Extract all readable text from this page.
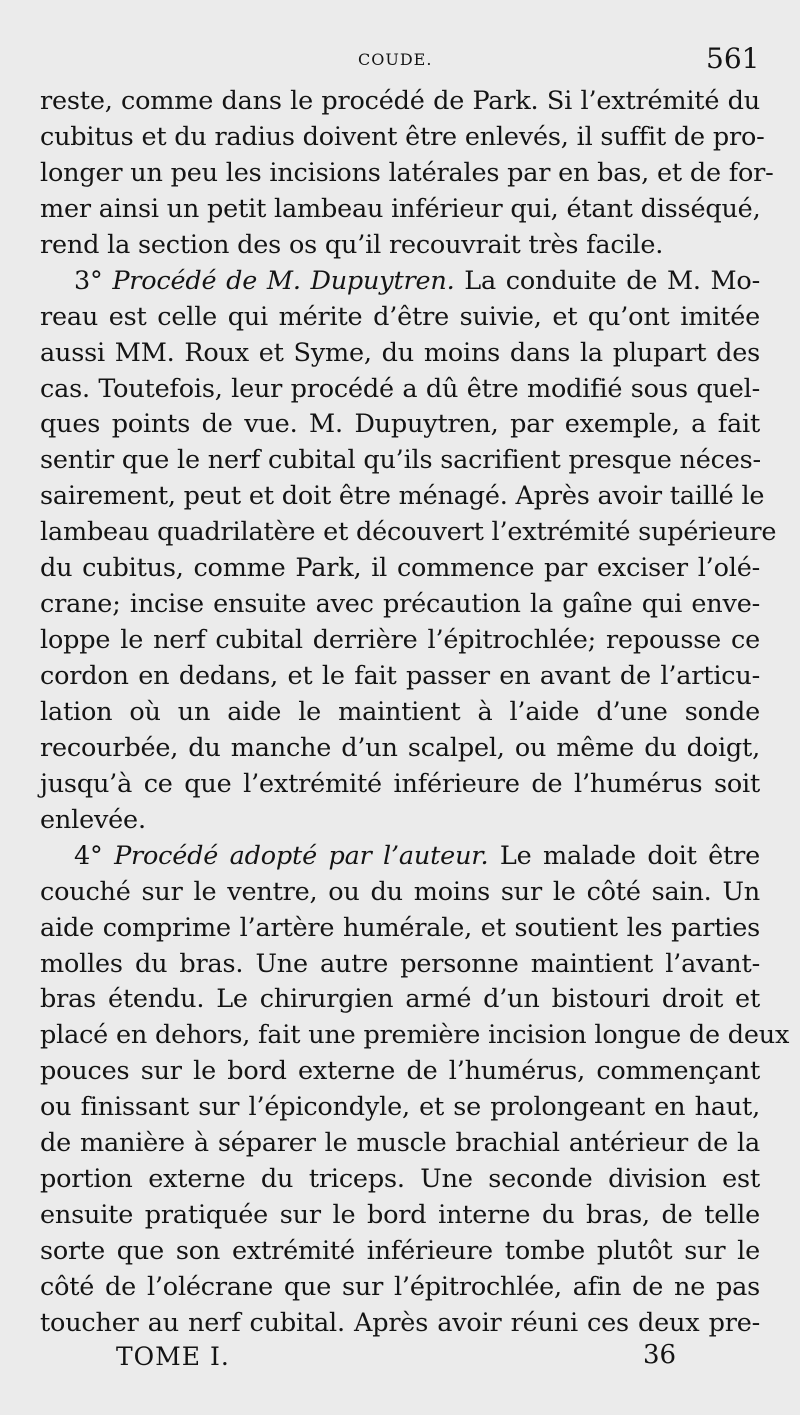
COUDE.	561
reste, comme dans le procédé de Park. Si l’extrémité du
cubitus et du radius doivent être enlevés, il suffit de pro-
longer un peu les incisions latérales par en bas, et de for-
mer ainsi un petit lambeau inférieur qui, étant disséqué,
rend la section des os qu’il recouvrait très facile.
3° Procédé de M. Dupuytren. La conduite de M. Mo-
reau est celle qui mérite d’être suivie, et qu’ont imitée
aussi MM. Roux et Syme, du moins dans la plupart des
cas. Toutefois, leur procédé a dû être modifié sous quel-
ques points de vue. M. Dupuytren, par exemple, a fait
sentir que le nerf cubital qu’ils sacrifient presque néces-
sairement, peut et doit être ménagé. Après avoir taillé le
lambeau quadrilatère et découvert l’extrémité supérieure
du cubitus, comme Park, il commence par exciser l’olé-
crane; incise ensuite avec précaution la gaîne qui enve-
loppe le nerf cubital derrière l’épitrochlée; repousse ce
cordon en dedans, et le fait passer en avant de l’articu-
lation où un aide le maintient à l’aide d’une sonde
recourbée, du manche d’un scalpel, ou même du doigt,
jusqu’à ce que l’extrémité inférieure de l’humérus soit
enlevée.
4° Procédé adopté par l’auteur. Le malade doit être
couché sur le ventre, ou du moins sur le côté sain. Un
aide comprime l’artère humérale, et soutient les parties
molles du bras. Une autre personne maintient l’avant-
bras étendu. Le chirurgien armé d’un bistouri droit et
placé en dehors, fait une première incision longue de deux
pouces sur le bord externe de l’humérus, commençant
ou finissant sur l’épicondyle, et se prolongeant en haut,
de manière à séparer le muscle brachial antérieur de la
portion externe du triceps. Une seconde division est
ensuite pratiquée sur le bord interne du bras, de telle
sorte que son extrémité inférieure tombe plutôt sur le
côté de l’olécrane que sur l’épitrochlée, afin de ne pas
toucher au nerf cubital. Après avoir réuni ces deux pre-
TOME I.	36
